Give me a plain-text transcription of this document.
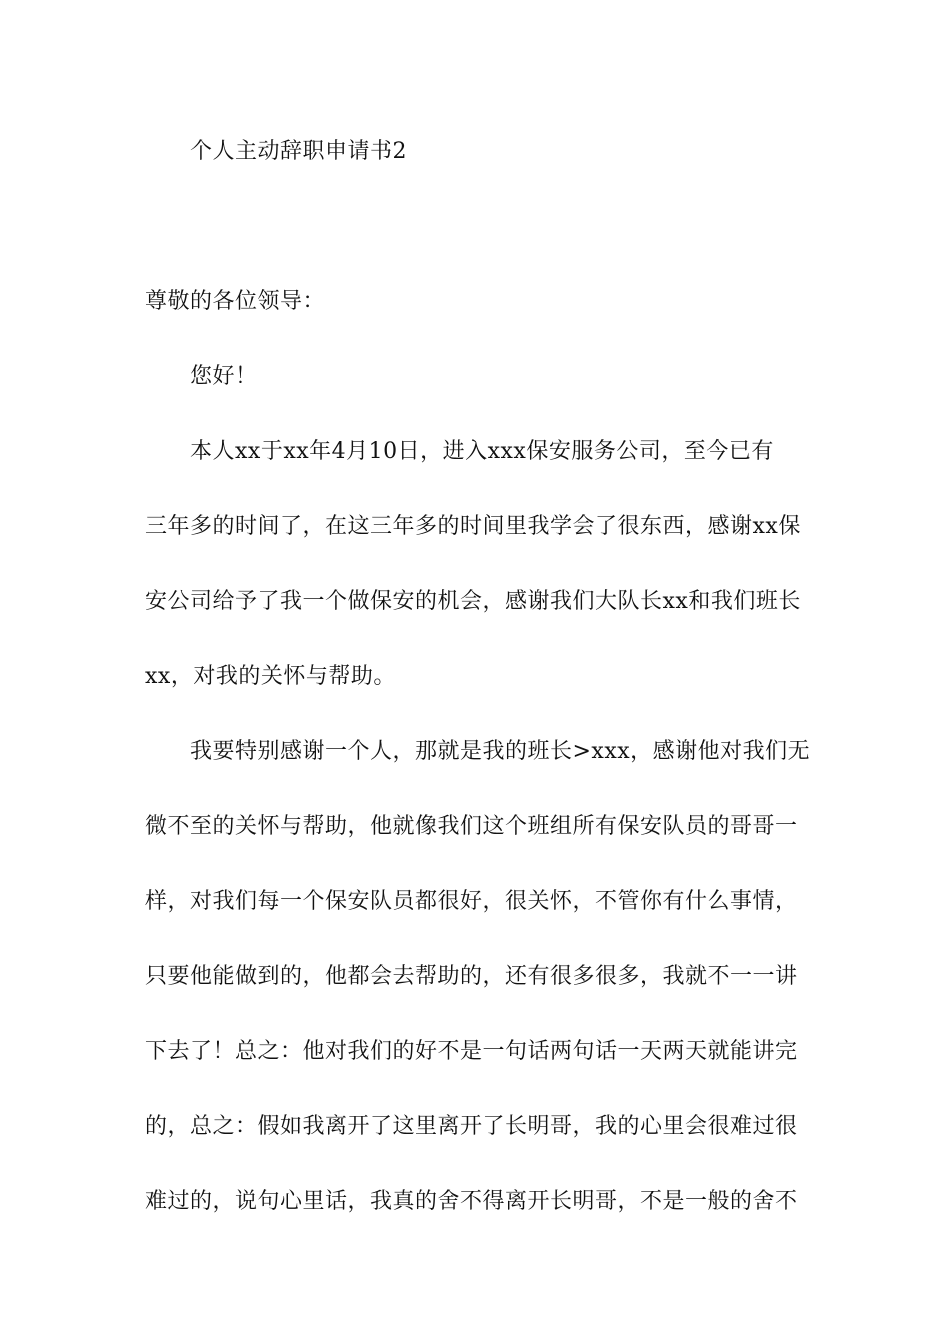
个人主动辞职申请书2
尊敬的各位领导：
您好！
本人xx于xx年4月10日，进入xxx保安服务公司，至今已有
三年多的时间了，在这三年多的时间里我学会了很东西，感谢xx保
安公司给予了我一个做保安的机会，感谢我们大队长xx和我们班长
xx，对我的关怀与帮助。
我要特别感谢一个人，那就是我的班长>xxx，感谢他对我们无
微不至的关怀与帮助，他就像我们这个班组所有保安队员的哥哥一
样，对我们每一个保安队员都很好，很关怀，不管你有什么事情，
只要他能做到的，他都会去帮助的，还有很多很多，我就不一一讲
下去了！总之：他对我们的好不是一句话两句话一天两天就能讲完
的，总之：假如我离开了这里离开了长明哥，我的心里会很难过很
难过的，说句心里话，我真的舍不得离开长明哥，不是一般的舍不
